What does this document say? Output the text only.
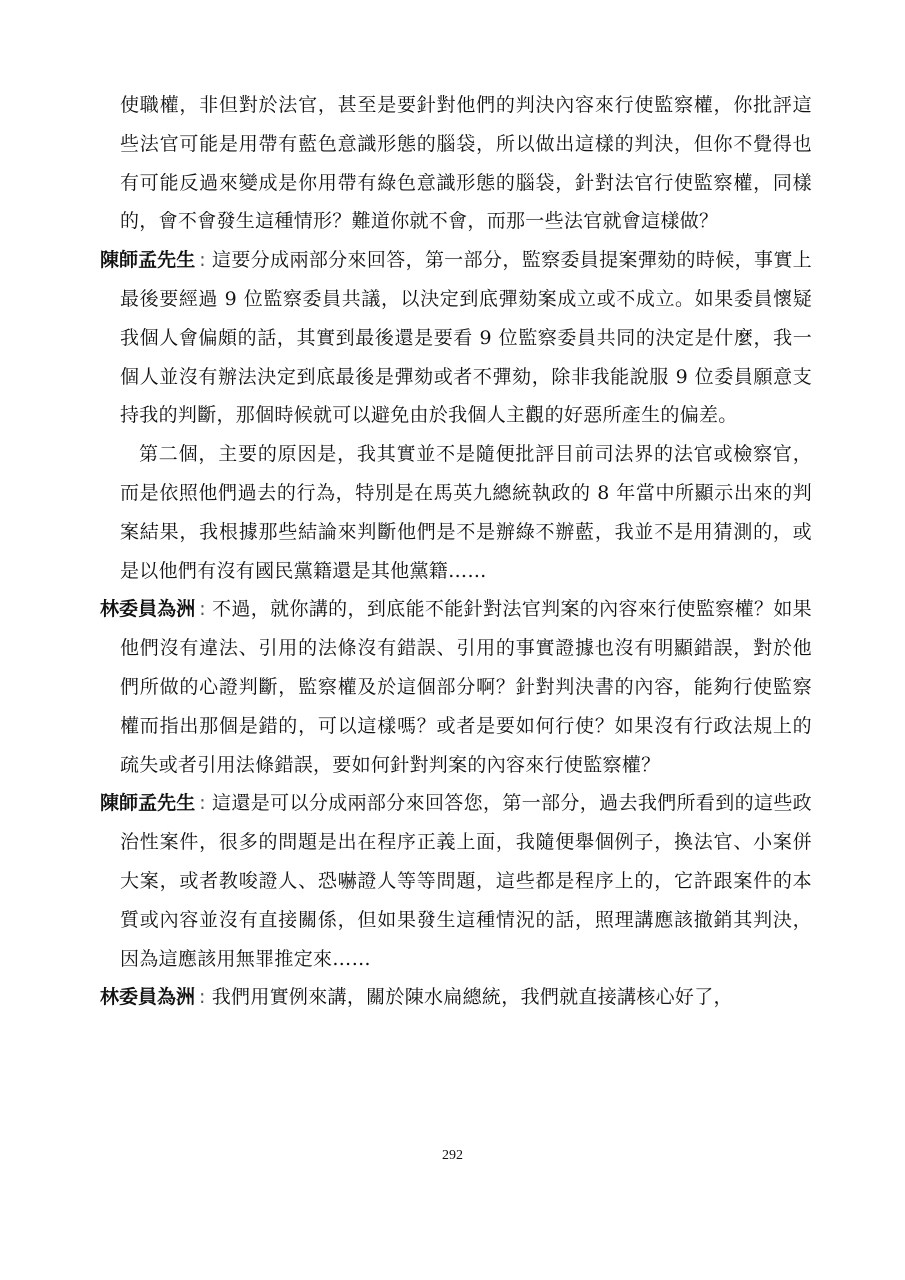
使職權，非但對於法官，甚至是要針對他們的判決內容來行使監察權，你批評這些法官可能是用帶有藍色意識形態的腦袋，所以做出這樣的判決，但你不覺得也有可能反過來變成是你用帶有綠色意識形態的腦袋，針對法官行使監察權，同樣的，會不會發生這種情形？難道你就不會，而那一些法官就會這樣做？

陳師孟先生 : 這要分成兩部分來回答，第一部分，監察委員提案彈劾的時候，事實上最後要經過 9 位監察委員共議，以決定到底彈劾案成立或不成立。如果委員懷疑我個人會偏頗的話，其實到最後還是要看 9 位監察委員共同的決定是什麼，我一個人並沒有辦法決定到底最後是彈劾或者不彈劾，除非我能說服 9 位委員願意支持我的判斷，那個時候就可以避免由於我個人主觀的好惡所產生的偏差。

第二個，主要的原因是，我其實並不是隨便批評目前司法界的法官或檢察官，而是依照他們過去的行為，特別是在馬英九總統執政的 8 年當中所顯示出來的判案結果，我根據那些結論來判斷他們是不是辦綠不辦藍，我並不是用猜測的，或是以他們有沒有國民黨籍還是其他黨籍……

林委員為洲 : 不過，就你講的，到底能不能針對法官判案的內容來行使監察權？如果他們沒有違法、引用的法條沒有錯誤、引用的事實證據也沒有明顯錯誤，對於他們所做的心證判斷，監察權及於這個部分啊？針對判決書的內容，能夠行使監察權而指出那個是錯的，可以這樣嗎？或者是要如何行使？如果沒有行政法規上的疏失或者引用法條錯誤，要如何針對判案的內容來行使監察權？

陳師孟先生 : 這還是可以分成兩部分來回答您，第一部分，過去我們所看到的這些政治性案件，很多的問題是出在程序正義上面，我隨便舉個例子，換法官、小案併大案，或者教唆證人、恐嚇證人等等問題，這些都是程序上的，它許跟案件的本質或內容並沒有直接關係，但如果發生這種情況的話，照理講應該撤銷其判決，因為這應該用無罪推定來……

林委員為洲 : 我們用實例來講，關於陳水扁總統，我們就直接講核心好了，

292
